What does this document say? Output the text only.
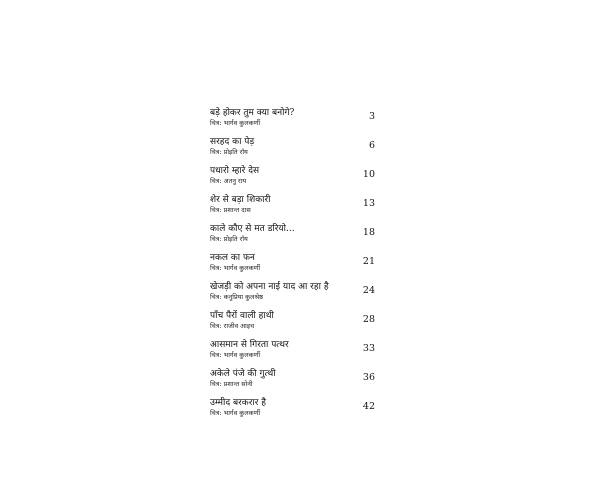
बड़े होकर तुम क्या बनोगे?
चित्र: भार्गव कुलकर्णी
3
सरहद का पेड़
चित्र: प्रोइति रॉय
6
पधारो म्हारे देस
चित्र: अतनु राय
10
शेर से बड़ा शिकारी
चित्र: प्रशान्त दास
13
काले कौए से मत डरियो...
चित्र: प्रोइति रॉय
18
नकल का फन
चित्र: भार्गव कुलकर्णी
21
खेजड़ी को अपना नाई याद आ रहा है
चित्र: कनुप्रिया कुलश्रेष्ठ
24
पाँच पैरों वाली हाथी
चित्र: राजीव आइच
28
आसमान से गिरता पत्थर
चित्र: भार्गव कुलकर्णी
33
अकेले पंजे की गुत्थी
चित्र: प्रशान्त सोनी
36
उम्मीद बरकरार है
चित्र: भार्गव कुलकर्णी
42
